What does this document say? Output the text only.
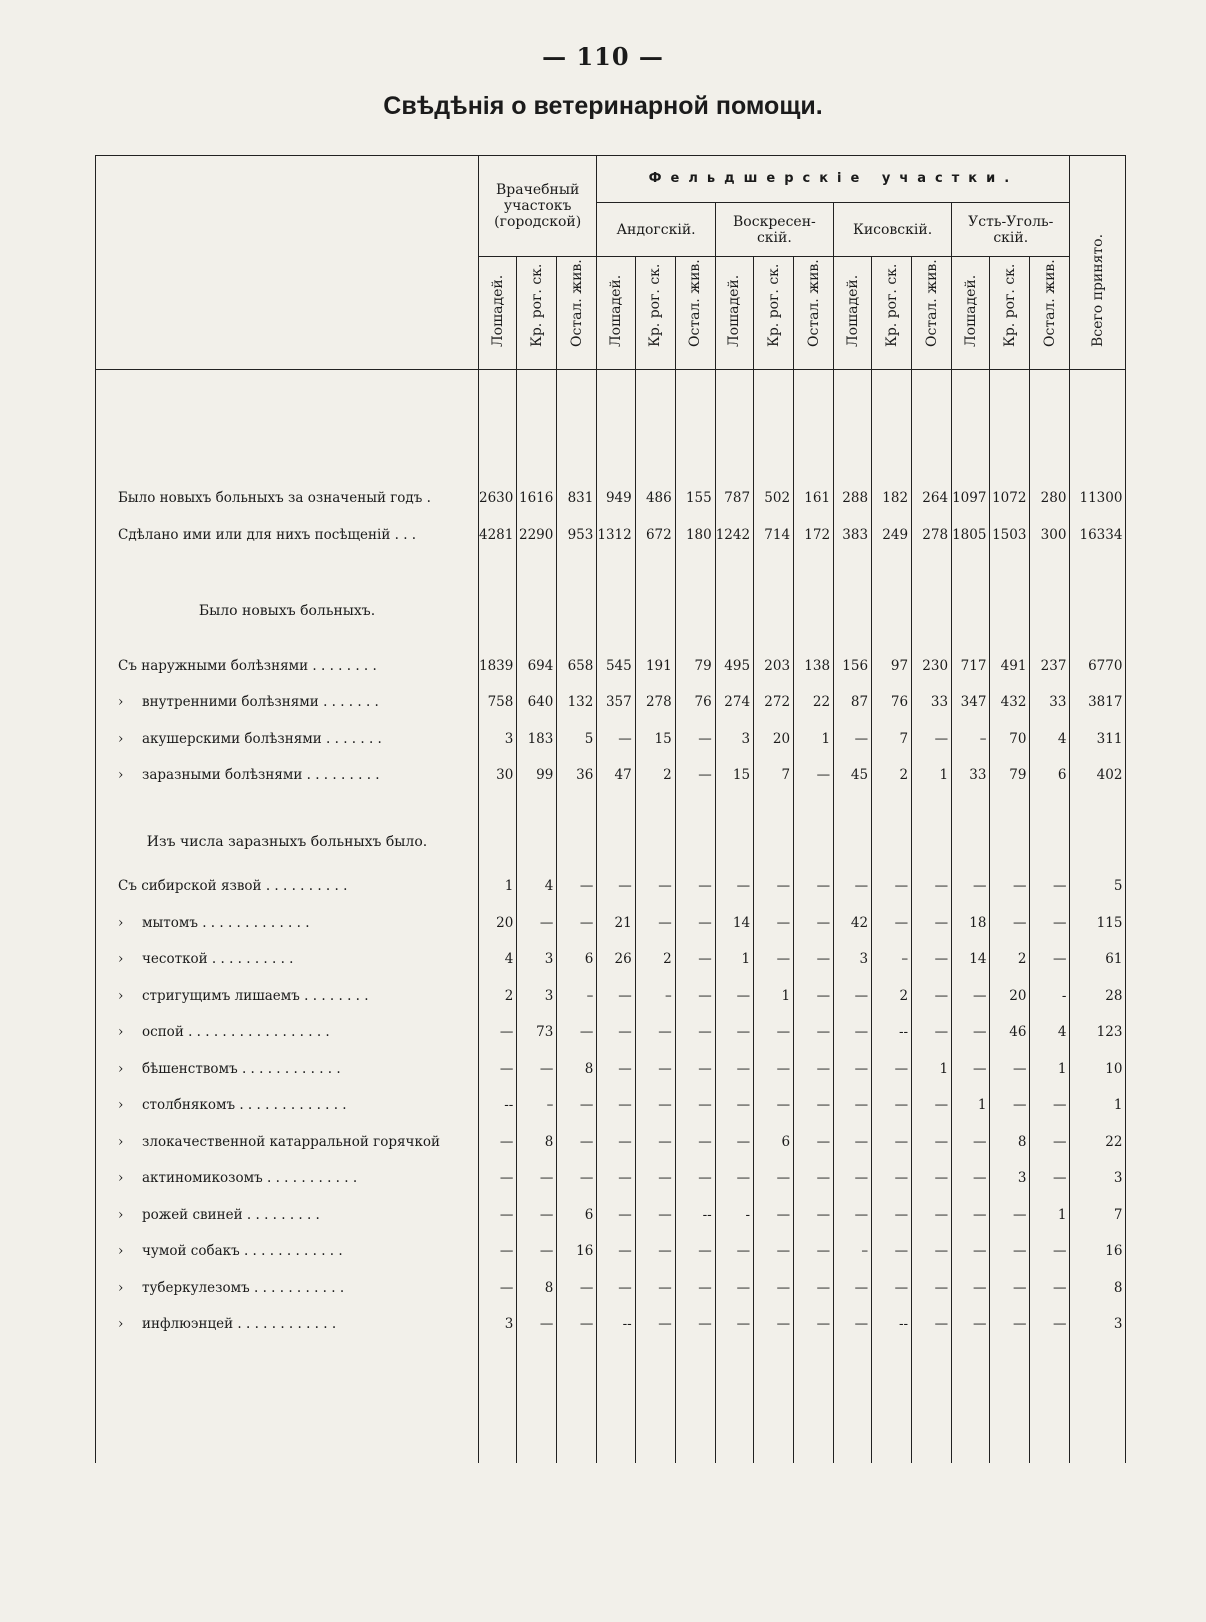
— 110 —
Свѣдѣнія о ветеринарной помощи.
	Врачебный участокъ (городской)			Фельдшерскіе участки.												Всего принято.

				Андогскій.			Воскресен-скій.			Кисовскій.			Усть-Уголь-скій.			

	Лошадей.	Кр. рог. ск.	Остал. жив.	Лошадей.	Кр. рог. ск.	Остал. жив.	Лошадей.	Кр. рог. ск.	Остал. жив.	Лошадей.	Кр. рог. ск.	Остал. жив.	Лошадей.	Кр. рог. ск.	Остал. жив.	

Было новыхъ больныхъ за означеный годъ .	2630	1616	831	949	486	155	787	502	161	288	182	264	1097	1072	280	11300
Сдѣлано ими или для нихъ посѣщеній . . .	4281	2290	953	1312	672	180	1242	714	172	383	249	278	1805	1503	300	16334

Было новыхъ больныхъ.																

Съ наружными болѣзнями . . . . . . . .	1839	694	658	545	191	79	495	203	138	156	97	230	717	491	237	6770
› внутренними болѣзнями . . . . . . .	758	640	132	357	278	76	274	272	22	87	76	33	347	432	33	3817
› акушерскими болѣзнями . . . . . . .	3	183	5	—	15	—	3	20	1	—	7	—	–	70	4	311
› заразными болѣзнями . . . . . . . . .	30	99	36	47	2	—	15	7	—	45	2	1	33	79	6	402

Изъ числа заразныхъ больныхъ было.																

Съ сибирской язвой . . . . . . . . . .	1	4	—	—	—	—	—	—	—	—	—	—	—	—	—	5
› мытомъ . . . . . . . . . . . . .	20	—	—	21	—	—	14	—	—	42	—	—	18	—	—	115
› чесоткой . . . . . . . . . .	4	3	6	26	2	—	1	—	—	3	–	—	14	2	—	61
› стригущимъ лишаемъ . . . . . . . .	2	3	–	—	–	—	—	1	—	—	2	—	—	20	-	28
› оспой . . . . . . . . . . . . . . . . .	—	73	—	—	—	—	—	—	—	—	--	—	—	46	4	123
› бѣшенствомъ . . . . . . . . . . . .	—	—	8	—	—	—	—	—	—	—	—	1	—	—	1	10
› столбнякомъ . . . . . . . . . . . . .	--	–	—	—	—	—	—	—	—	—	—	—	1	—	—	1
› злокачественной катарральной горячкой	—	8	—	—	—	—	—	6	—	—	—	—	—	8	—	22
› актиномикозомъ . . . . . . . . . . .	—	—	—	—	—	—	—	—	—	—	—	—	—	3	—	3
› рожей свиней . . . . . . . . .	—	—	6	—	—	--	-	—	—	—	—	—	—	—	1	7
› чумой собакъ . . . . . . . . . . . .	—	—	16	—	—	—	—	—	—	–	—	—	—	—	—	16
› туберкулезомъ . . . . . . . . . . .	—	8	—	—	—	—	—	—	—	—	—	—	—	—	—	8
› инфлюэнцей . . . . . . . . . . . .	3	—	—	--	—	—	—	—	—	—	--	—	—	—	—	3
